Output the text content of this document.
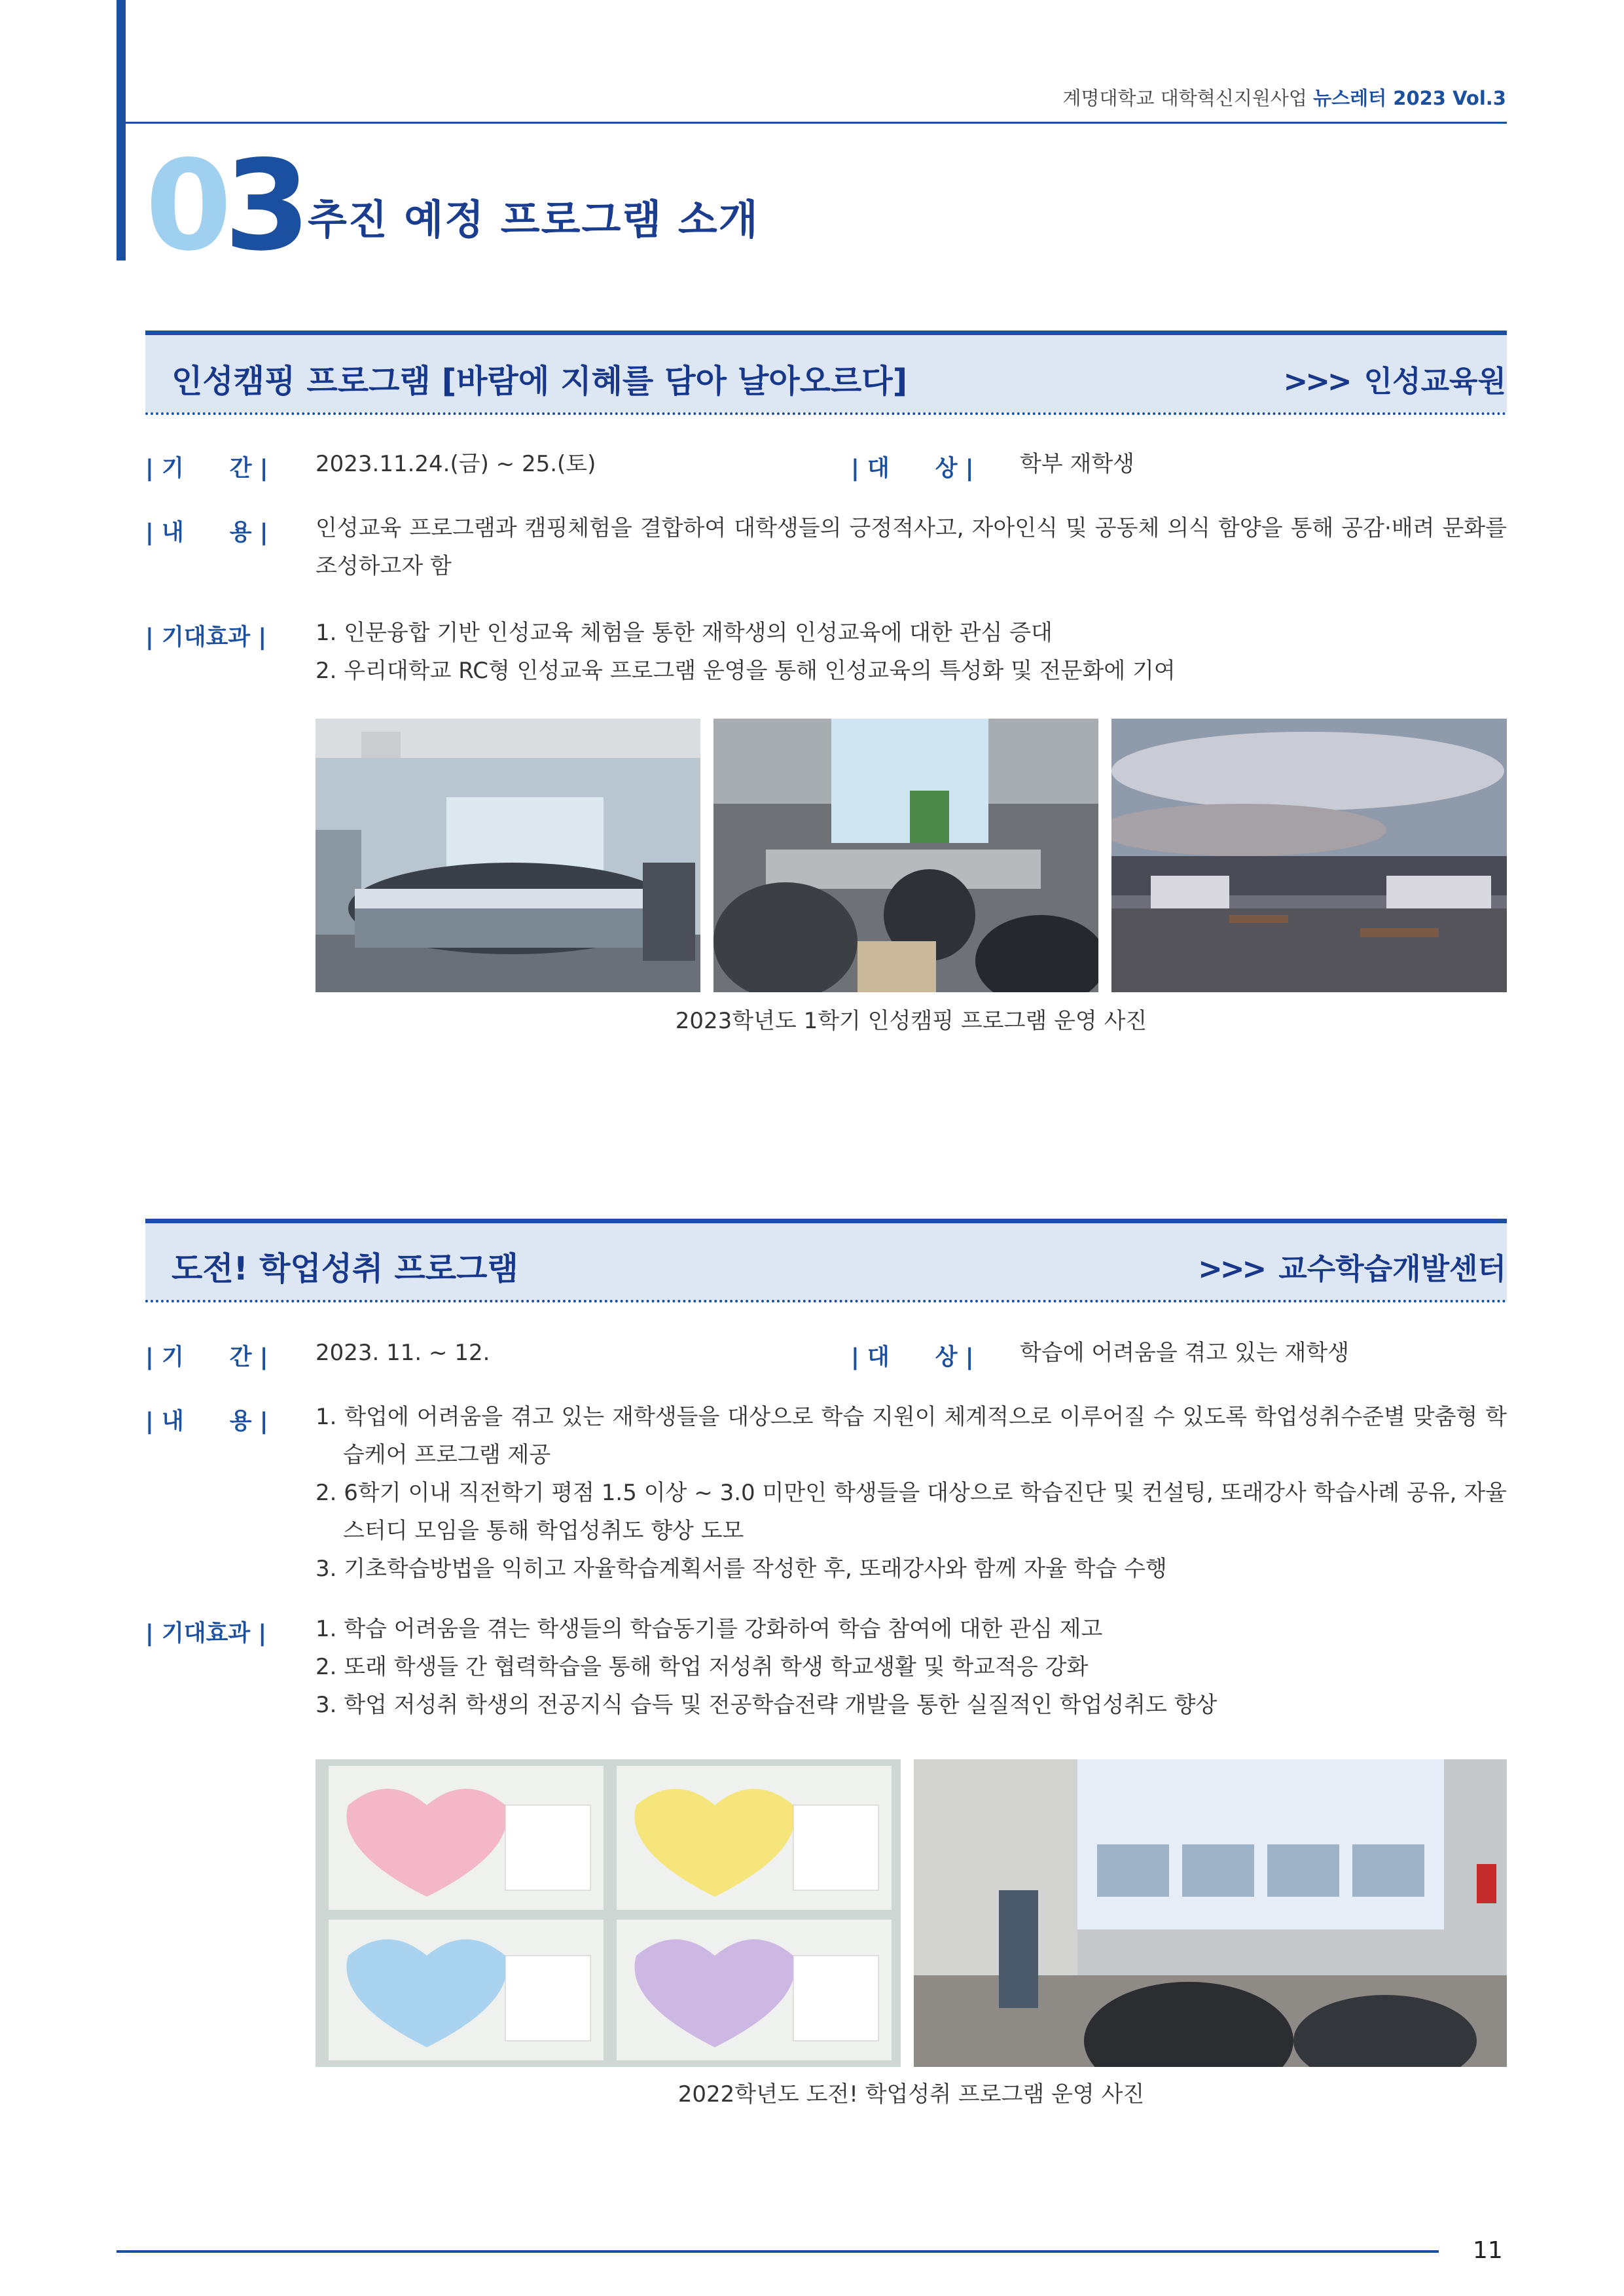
계명대학교 대학혁신지원사업 뉴스레터 2023 Vol.3
03 추진 예정 프로그램 소개
인성캠핑 프로그램 [바람에 지혜를 담아 날아오르다]	>>> 인성교육원
| 기　　간 | 2023.11.24.(금) ~ 25.(토)	| 대　　상 | 학부 재학생
| 내　　용 | 인성교육 프로그램과 캠핑체험을 결합하여 대학생들의 긍정적사고, 자아인식 및 공동체 의식 함양을 통해 공감·배려 문화를 조성하고자 함
| 기대효과 | 1. 인문융합 기반 인성교육 체험을 통한 재학생의 인성교육에 대한 관심 증대

2. 우리대학교 RC형 인성교육 프로그램 운영을 통해 인성교육의 특성화 및 전문화에 기여

2023학년도 1학기 인성캠핑 프로그램 운영 사진
도전! 학업성취 프로그램	>>> 교수학습개발센터
| 기　　간 | 2023. 11. ~ 12.	| 대　　상 | 학습에 어려움을 겪고 있는 재학생
| 내　　용 | 1. 학업에 어려움을 겪고 있는 재학생들을 대상으로 학습 지원이 체계적으로 이루어질 수 있도록 학업성취수준별 맞춤형 학습케어 프로그램 제공
2. 6학기 이내 직전학기 평점 1.5 이상 ~ 3.0 미만인 학생들을 대상으로 학습진단 및 컨설팅, 또래강사 학습사례 공유, 자율 스터디 모임을 통해 학업성취도 향상 도모
3. 기초학습방법을 익히고 자율학습계획서를 작성한 후, 또래강사와 함께 자율 학습 수행
| 기대효과 | 1. 학습 어려움을 겪는 학생들의 학습동기를 강화하여 학습 참여에 대한 관심 제고

2. 또래 학생들 간 협력학습을 통해 학업 저성취 학생 학교생활 및 학교적응 강화

3. 학업 저성취 학생의 전공지식 습득 및 전공학습전략 개발을 통한 실질적인 학업성취도 향상

2022학년도 도전! 학업성취 프로그램 운영 사진
11
